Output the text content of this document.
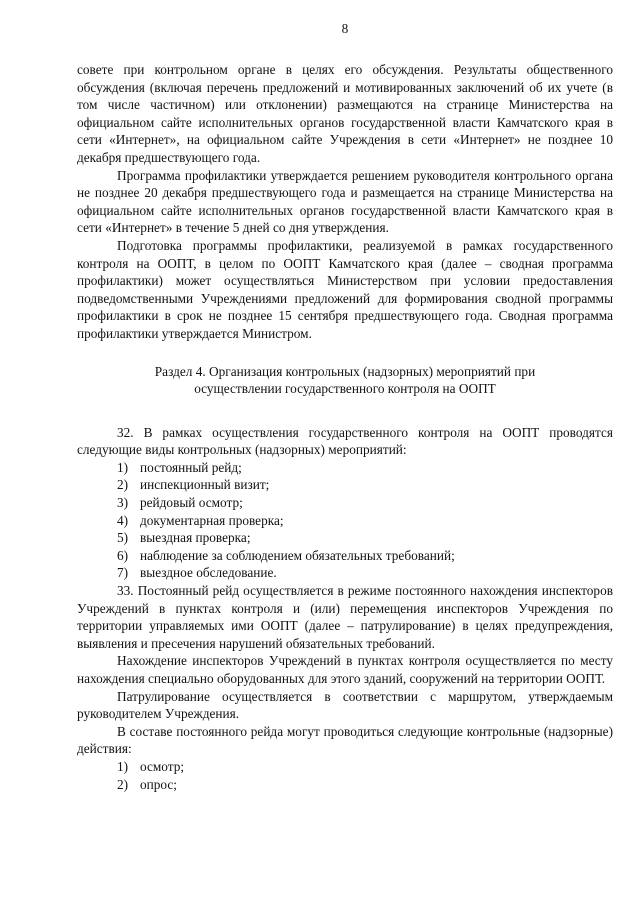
8

совете при контрольном органе в целях его обсуждения. Результаты общественного обсуждения (включая перечень предложений и мотивированных заключений об их учете (в том числе частичном) или отклонении) размещаются на странице Министерства на официальном сайте исполнительных органов государственной власти Камчатского края в сети «Интернет», на официальном сайте Учреждения в сети «Интернет» не позднее 10 декабря предшествующего года.

Программа профилактики утверждается решением руководителя контрольного органа не позднее 20 декабря предшествующего года и размещается на странице Министерства на официальном сайте исполнительных органов государственной власти Камчатского края в сети «Интернет» в течение 5 дней со дня утверждения.

Подготовка программы профилактики, реализуемой в рамках государственного контроля на ООПТ, в целом по ООПТ Камчатского края (далее – сводная программа профилактики) может осуществляться Министерством при условии предоставления подведомственными Учреждениями предложений для формирования сводной программы профилактики в срок не позднее 15 сентября предшествующего года. Сводная программа профилактики утверждается Министром.

Раздел 4. Организация контрольных (надзорных) мероприятий при
осуществлении государственного контроля на ООПТ

32. В рамках осуществления государственного контроля на ООПТ проводятся следующие виды контрольных (надзорных) мероприятий:

1) постоянный рейд;
2) инспекционный визит;
3) рейдовый осмотр;
4) документарная проверка;
5) выездная проверка;
6) наблюдение за соблюдением обязательных требований;
7) выездное обследование.

33. Постоянный рейд осуществляется в режиме постоянного нахождения инспекторов Учреждений в пунктах контроля и (или) перемещения инспекторов Учреждения по территории управляемых ими ООПТ (далее – патрулирование) в целях предупреждения, выявления и пресечения нарушений обязательных требований.

Нахождение инспекторов Учреждений в пунктах контроля осуществляется по месту нахождения специально оборудованных для этого зданий, сооружений на территории ООПТ.

Патрулирование осуществляется в соответствии с маршрутом, утверждаемым руководителем Учреждения.

В составе постоянного рейда могут проводиться следующие контрольные (надзорные) действия:

1) осмотр;
2) опрос;
